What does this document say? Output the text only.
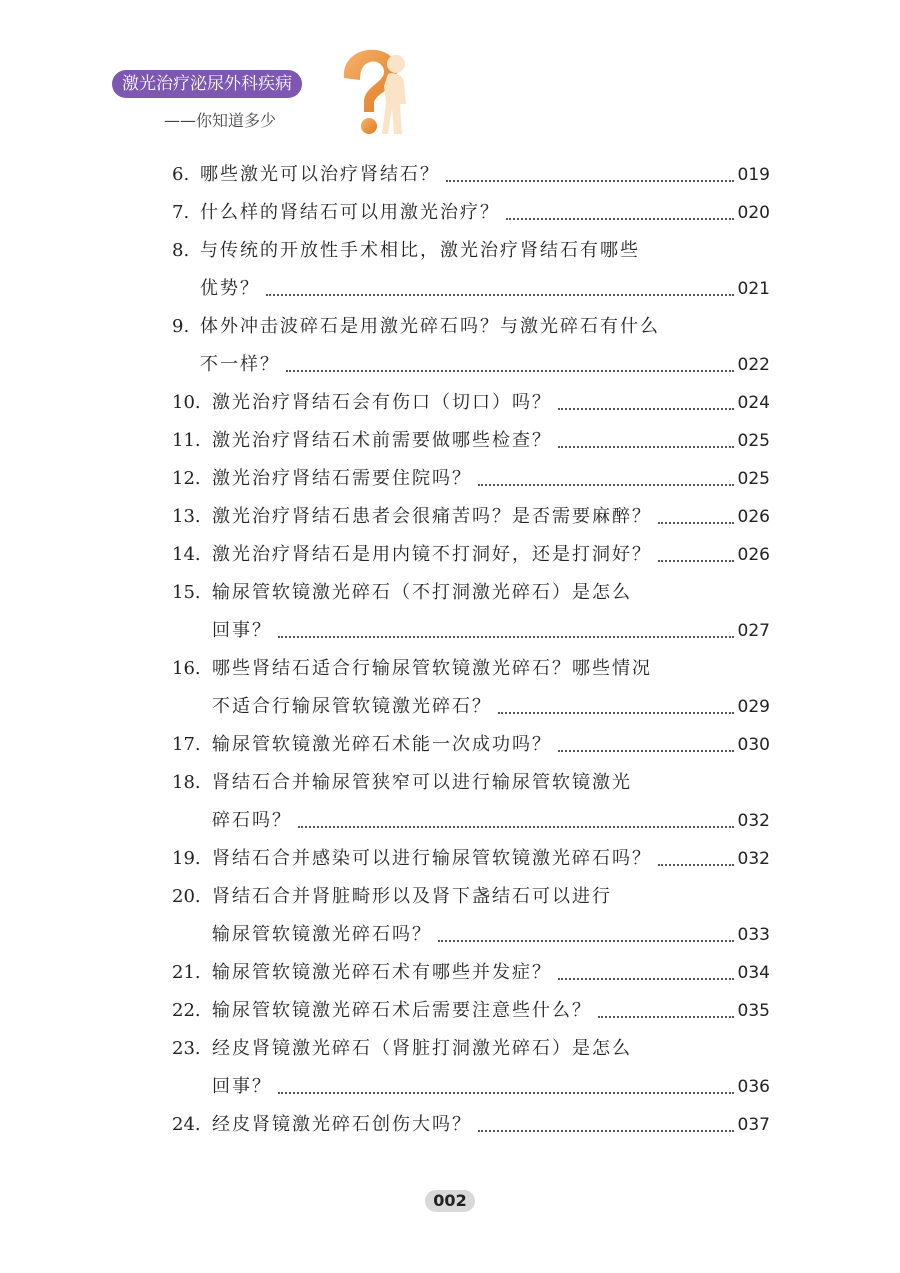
激光治疗泌尿外科疾病
——你知道多少
6. 哪些激光可以治疗肾结石？	019
7. 什么样的肾结石可以用激光治疗？	020
8. 与传统的开放性手术相比，激光治疗肾结石有哪些
优势？	021
9. 体外冲击波碎石是用激光碎石吗？与激光碎石有什么
不一样？	022
10. 激光治疗肾结石会有伤口（切口）吗？	024
11. 激光治疗肾结石术前需要做哪些检查？	025
12. 激光治疗肾结石需要住院吗？	025
13. 激光治疗肾结石患者会很痛苦吗？是否需要麻醉？	026
14. 激光治疗肾结石是用内镜不打洞好，还是打洞好？	026
15. 输尿管软镜激光碎石（不打洞激光碎石）是怎么
回事？	027
16. 哪些肾结石适合行输尿管软镜激光碎石？哪些情况
不适合行输尿管软镜激光碎石？	029
17. 输尿管软镜激光碎石术能一次成功吗？	030
18. 肾结石合并输尿管狭窄可以进行输尿管软镜激光
碎石吗？	032
19. 肾结石合并感染可以进行输尿管软镜激光碎石吗？	032
20. 肾结石合并肾脏畸形以及肾下盏结石可以进行
输尿管软镜激光碎石吗？	033
21. 输尿管软镜激光碎石术有哪些并发症？	034
22. 输尿管软镜激光碎石术后需要注意些什么？	035
23. 经皮肾镜激光碎石（肾脏打洞激光碎石）是怎么
回事？	036
24. 经皮肾镜激光碎石创伤大吗？	037
002
